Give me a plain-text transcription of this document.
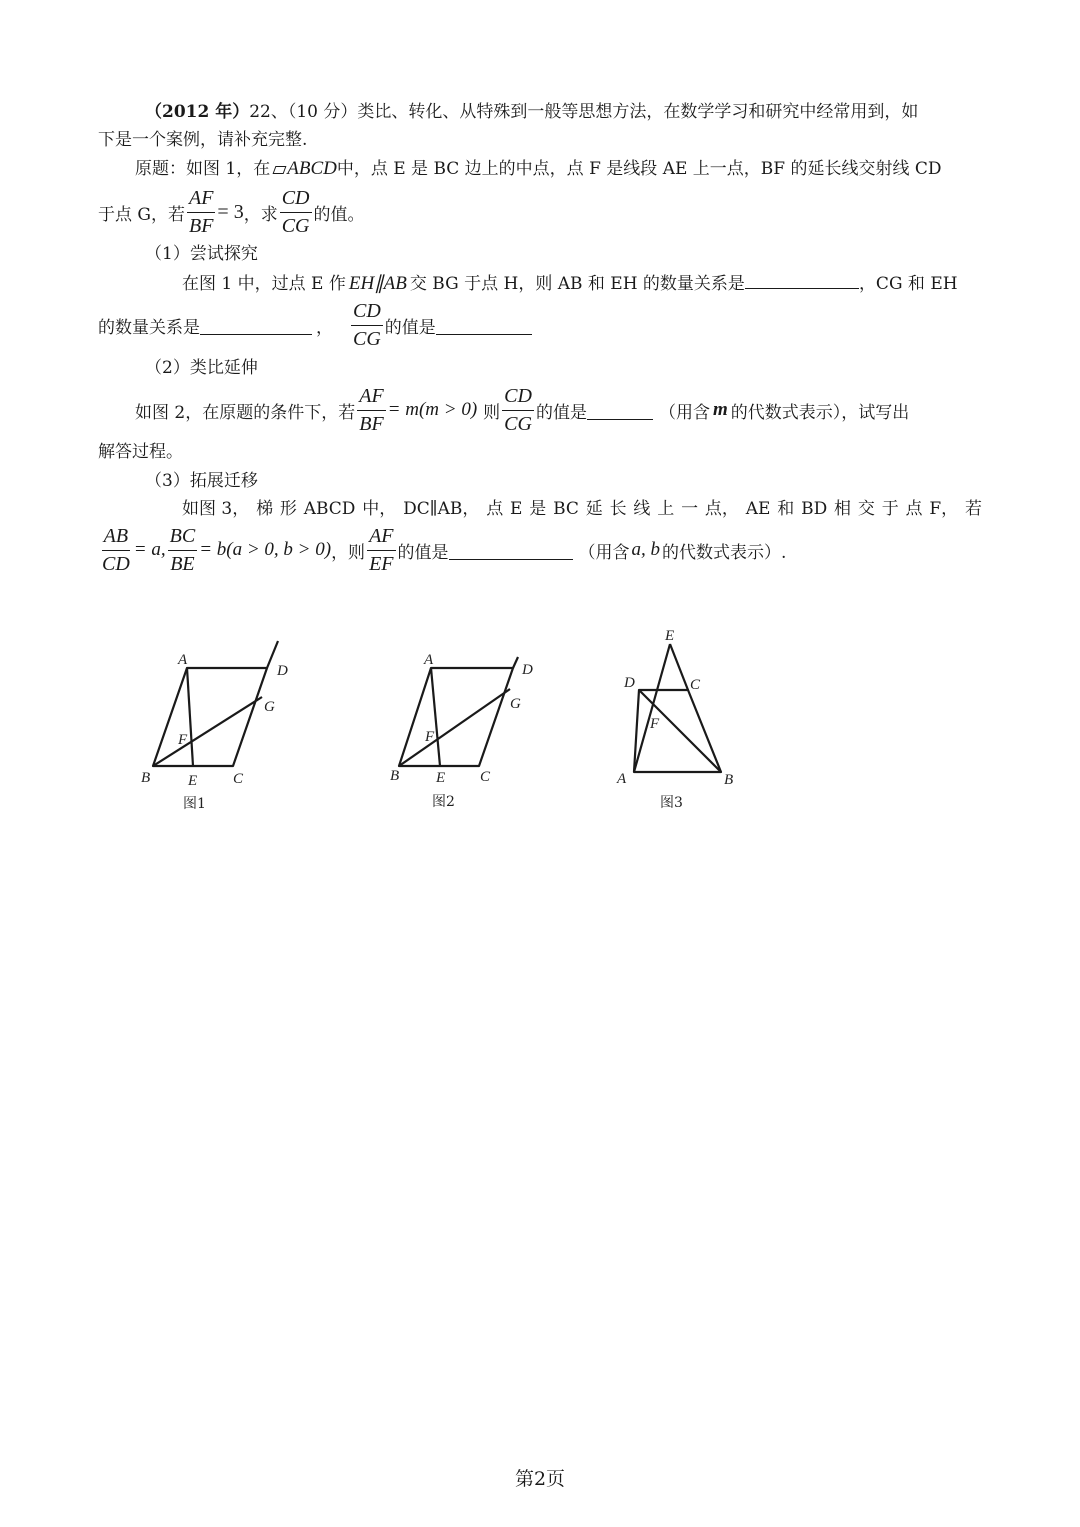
（2012 年）22、（10 分）类比、转化、从特殊到一般等思想方法，在数学学习和研究中经常用到，如
下是一个案例，请补充完整.
原题：如图 1，在 ABCD中，点 E 是 BC 边上的中点，点 F 是线段 AE 上一点，BF 的延长线交射线 CD
于点 G，若 $\frac{AF}{BF} = 3$ ，求 $\frac{CD}{CG}$ 的值。
（1）尝试探究
在图 1 中，过点 E 作 EH∥AB 交 BG 于点 H，则 AB 和 EH 的数量关系是	，CG 和 EH
的数量关系是	， $\frac{CD}{CG}$ 的值是
（2）类比延伸
如图 2，在原题的条件下，若 $\frac{AF}{BF} = m(m > 0)$ 则 $\frac{CD}{CG}$ 的值是	（用含 m 的代数式表示），试写出
解答过程。
（3）拓展迁移
如图 3， 梯 形 ABCD 中， DC∥AB， 点 E 是 BC 延 长 线 上 一 点， AE 和 BD 相 交 于 点 F， 若
$\frac{AB}{CD} = a$, $\frac{BC}{BE} = b(a > 0$, b > 0) ，则 $\frac{AF}{EF}$ 的值是	（用含 a, b 的代数式表示）.
A
D
G
F
B	E C
图1
A
D
G
F
B E C
图2
E
D	C
F
A	B
图3
第2页
